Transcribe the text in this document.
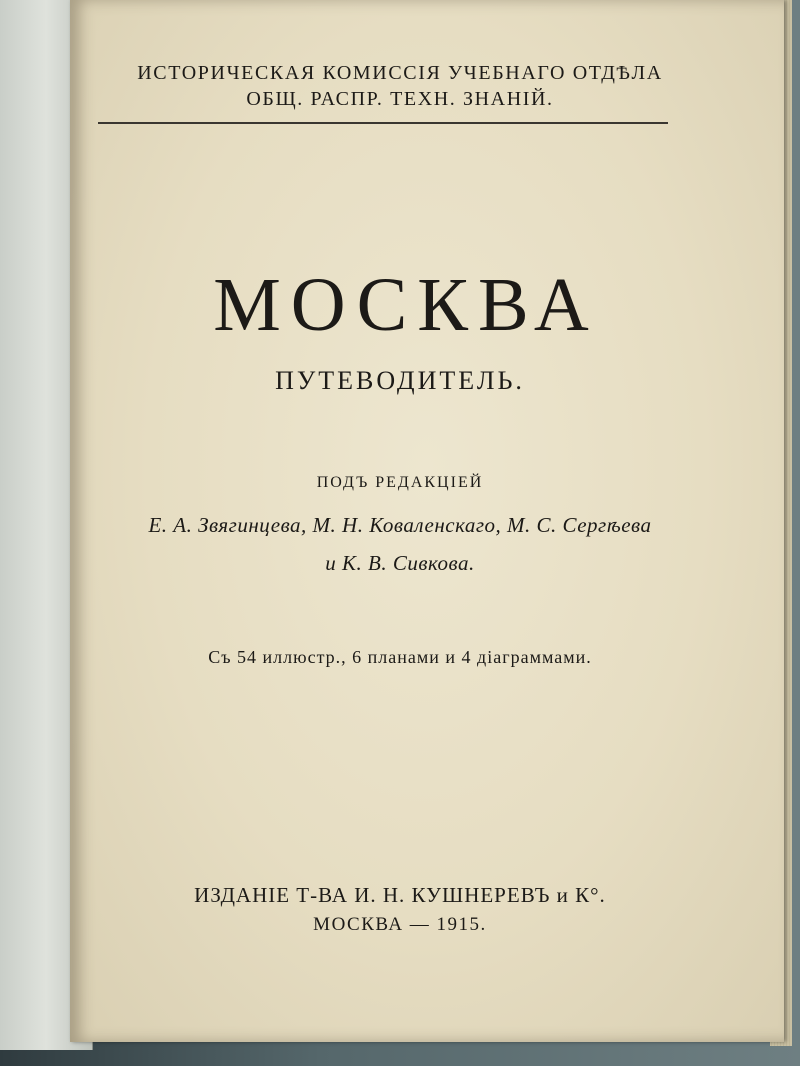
ИСТОРИЧЕСКАЯ КОМИССІЯ УЧЕБНАГО ОТДѢЛА
ОБЩ. РАСПР. ТЕХН. ЗНАНІЙ.
МОСКВА
ПУТЕВОДИТЕЛЬ.
ПОДЪ РЕДАКЦІЕЙ
Е. А. Звягинцева, М. Н. Коваленскаго, М. С. Сергѣева
и К. В. Сивкова.
Съ 54 иллюстр., 6 планами и 4 діаграммами.
ИЗДАНІЕ Т-ВА И. Н. КУШНЕРЕВЪ и К°.
МОСКВА — 1915.
